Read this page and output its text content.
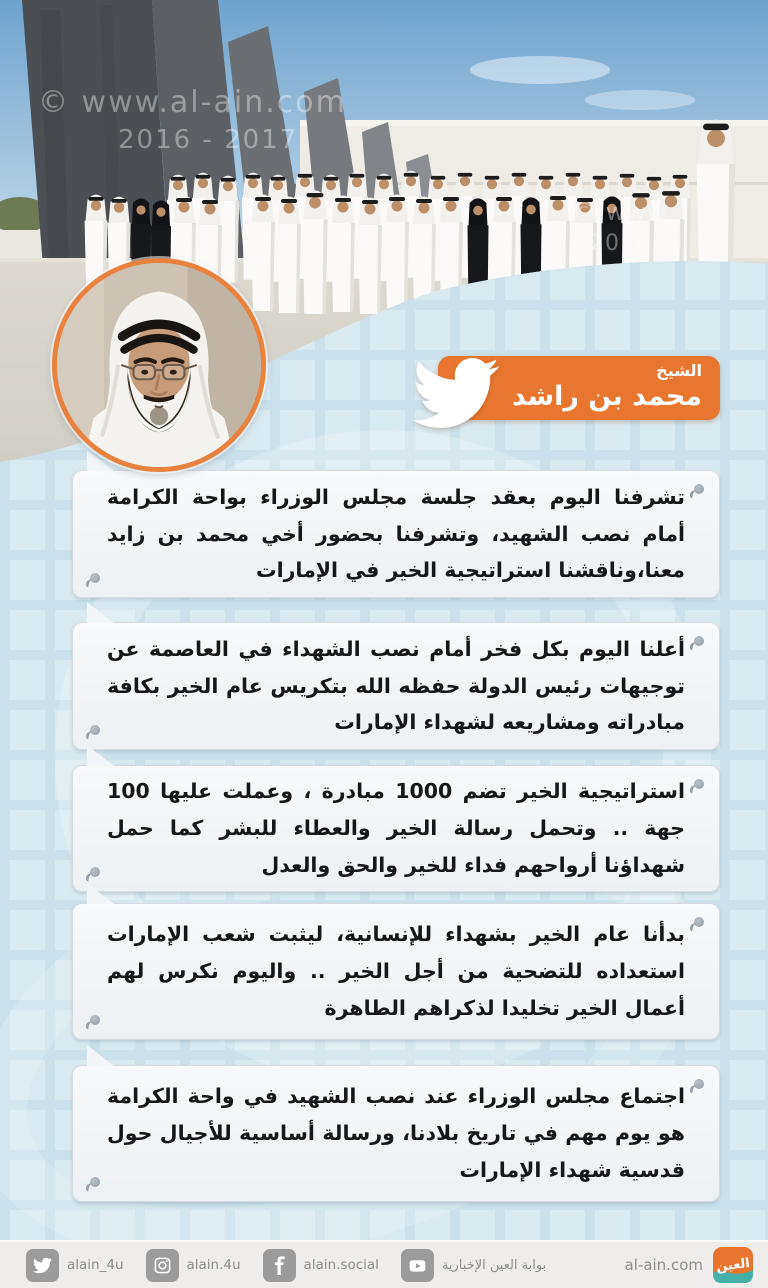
© www.al-ain.com
2016 - 2017
© www
2016 -
الشيخ
محمد بن راشد

تشرفنا اليوم بعقد جلسة مجلس الوزراء بواحة الكرامة أمام نصب الشهيد، وتشرفنا بحضور أخي محمد بن زايد معنا،وناقشنا استراتيجية الخير في الإمارات

أعلنا اليوم بكل فخر أمام نصب الشهداء في العاصمة عن توجيهات رئيس الدولة حفظه الله بتكريس عام الخير بكافة مبادراته ومشاريعه لشهداء الإمارات

استراتيجية الخير تضم 1000 مبادرة ، وعملت عليها 100 جهة .. وتحمل رسالة الخير والعطاء للبشر كما حمل شهداؤنا أرواحهم فداء للخير والحق والعدل

بدأنا عام الخير بشهداء للإنسانية، ليثبت شعب الإمارات استعداده للتضحية من أجل الخير .. واليوم نكرس لهم أعمال الخير تخليدا لذكراهم الطاهرة

اجتماع مجلس الوزراء عند نصب الشهيد في واحة الكرامة هو يوم مهم في تاريخ بلادنا، ورسالة أساسية للأجيال حول قدسية شهداء الإمارات

alain_4u	alain.4u	alain.social	بوابة العين الإخبارية	al-ain.com العين
